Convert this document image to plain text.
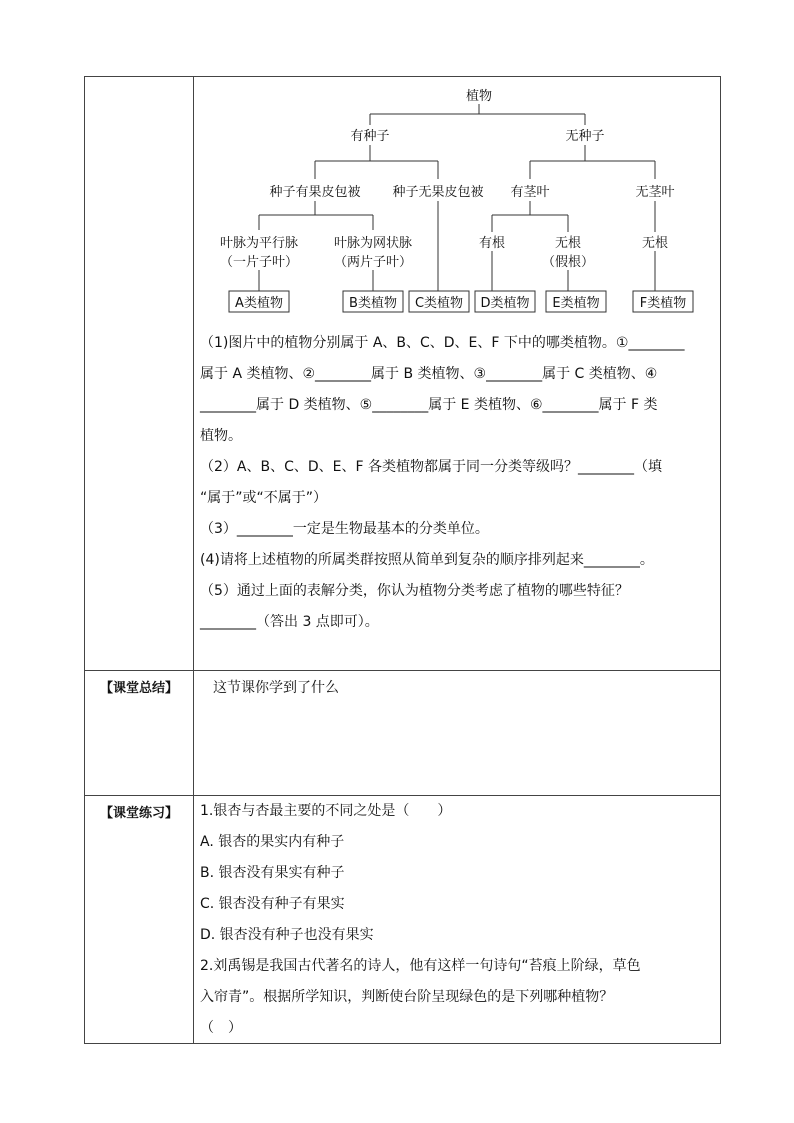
植物
有种子	无种子
种子有果皮包被 种子无果皮包被 有茎叶	无茎叶
叶脉为平行脉
（一片子叶）
叶脉为网状脉
（两片子叶）
有根	无根
（假根）
无根
A类植物	B类植物 C类植物 D类植物 E类植物	F类植物
（1)图片中的植物分别属于 A、B、C、D、E、F 下中的哪类植物。①________
属于 A 类植物、②________属于 B 类植物、③________属于 C 类植物、④
________属于 D 类植物、⑤________属于 E 类植物、⑥________属于 F 类
植物。
（2）A、B、C、D、E、F 各类植物都属于同一分类等级吗？________（填
“属于”或“不属于”）
（3）________一定是生物最基本的分类单位。
(4)请将上述植物的所属类群按照从简单到复杂的顺序排列起来________。
（5）通过上面的表解分类，你认为植物分类考虑了植物的哪些特征？
________（答出 3 点即可）。
【课堂总结】	这节课你学到了什么
【课堂练习】	1.银杏与杏最主要的不同之处是（　　）
A. 银杏的果实内有种子
B. 银杏没有果实有种子
C. 银杏没有种子有果实
D. 银杏没有种子也没有果实
2.刘禹锡是我国古代著名的诗人，他有这样一句诗句“苔痕上阶绿，草色
入帘青”。根据所学知识，判断使台阶呈现绿色的是下列哪种植物？
（　）
